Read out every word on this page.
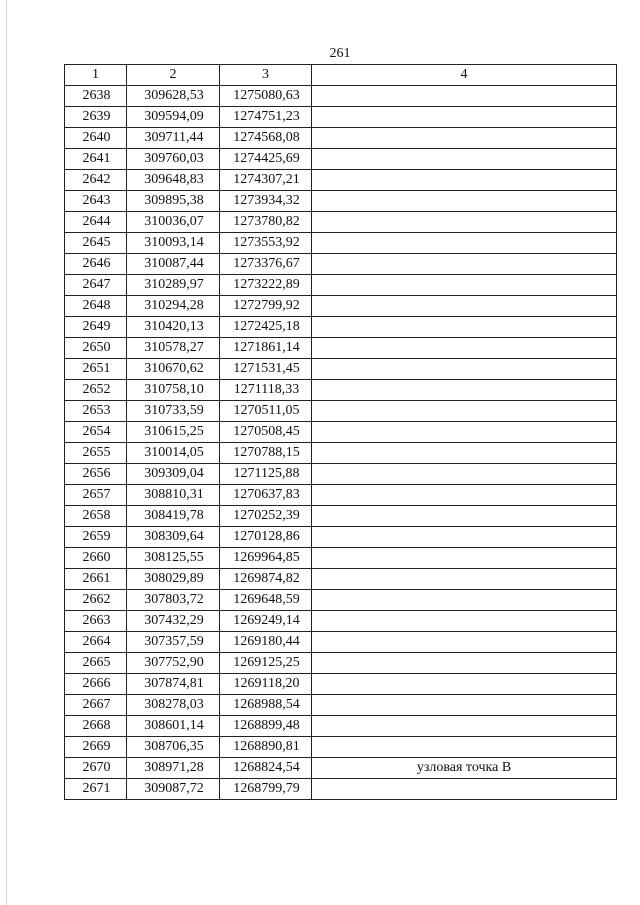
261
1	2	3	4
2638	309628,53	1275080,63	
2639	309594,09	1274751,23	
2640	309711,44	1274568,08	
2641	309760,03	1274425,69	
2642	309648,83	1274307,21	
2643	309895,38	1273934,32	
2644	310036,07	1273780,82	
2645	310093,14	1273553,92	
2646	310087,44	1273376,67	
2647	310289,97	1273222,89	
2648	310294,28	1272799,92	
2649	310420,13	1272425,18	
2650	310578,27	1271861,14	
2651	310670,62	1271531,45	
2652	310758,10	1271118,33	
2653	310733,59	1270511,05	
2654	310615,25	1270508,45	
2655	310014,05	1270788,15	
2656	309309,04	1271125,88	
2657	308810,31	1270637,83	
2658	308419,78	1270252,39	
2659	308309,64	1270128,86	
2660	308125,55	1269964,85	
2661	308029,89	1269874,82	
2662	307803,72	1269648,59	
2663	307432,29	1269249,14	
2664	307357,59	1269180,44	
2665	307752,90	1269125,25	
2666	307874,81	1269118,20	
2667	308278,03	1268988,54	
2668	308601,14	1268899,48	
2669	308706,35	1268890,81	
2670	308971,28	1268824,54	узловая точка В
2671	309087,72	1268799,79	
